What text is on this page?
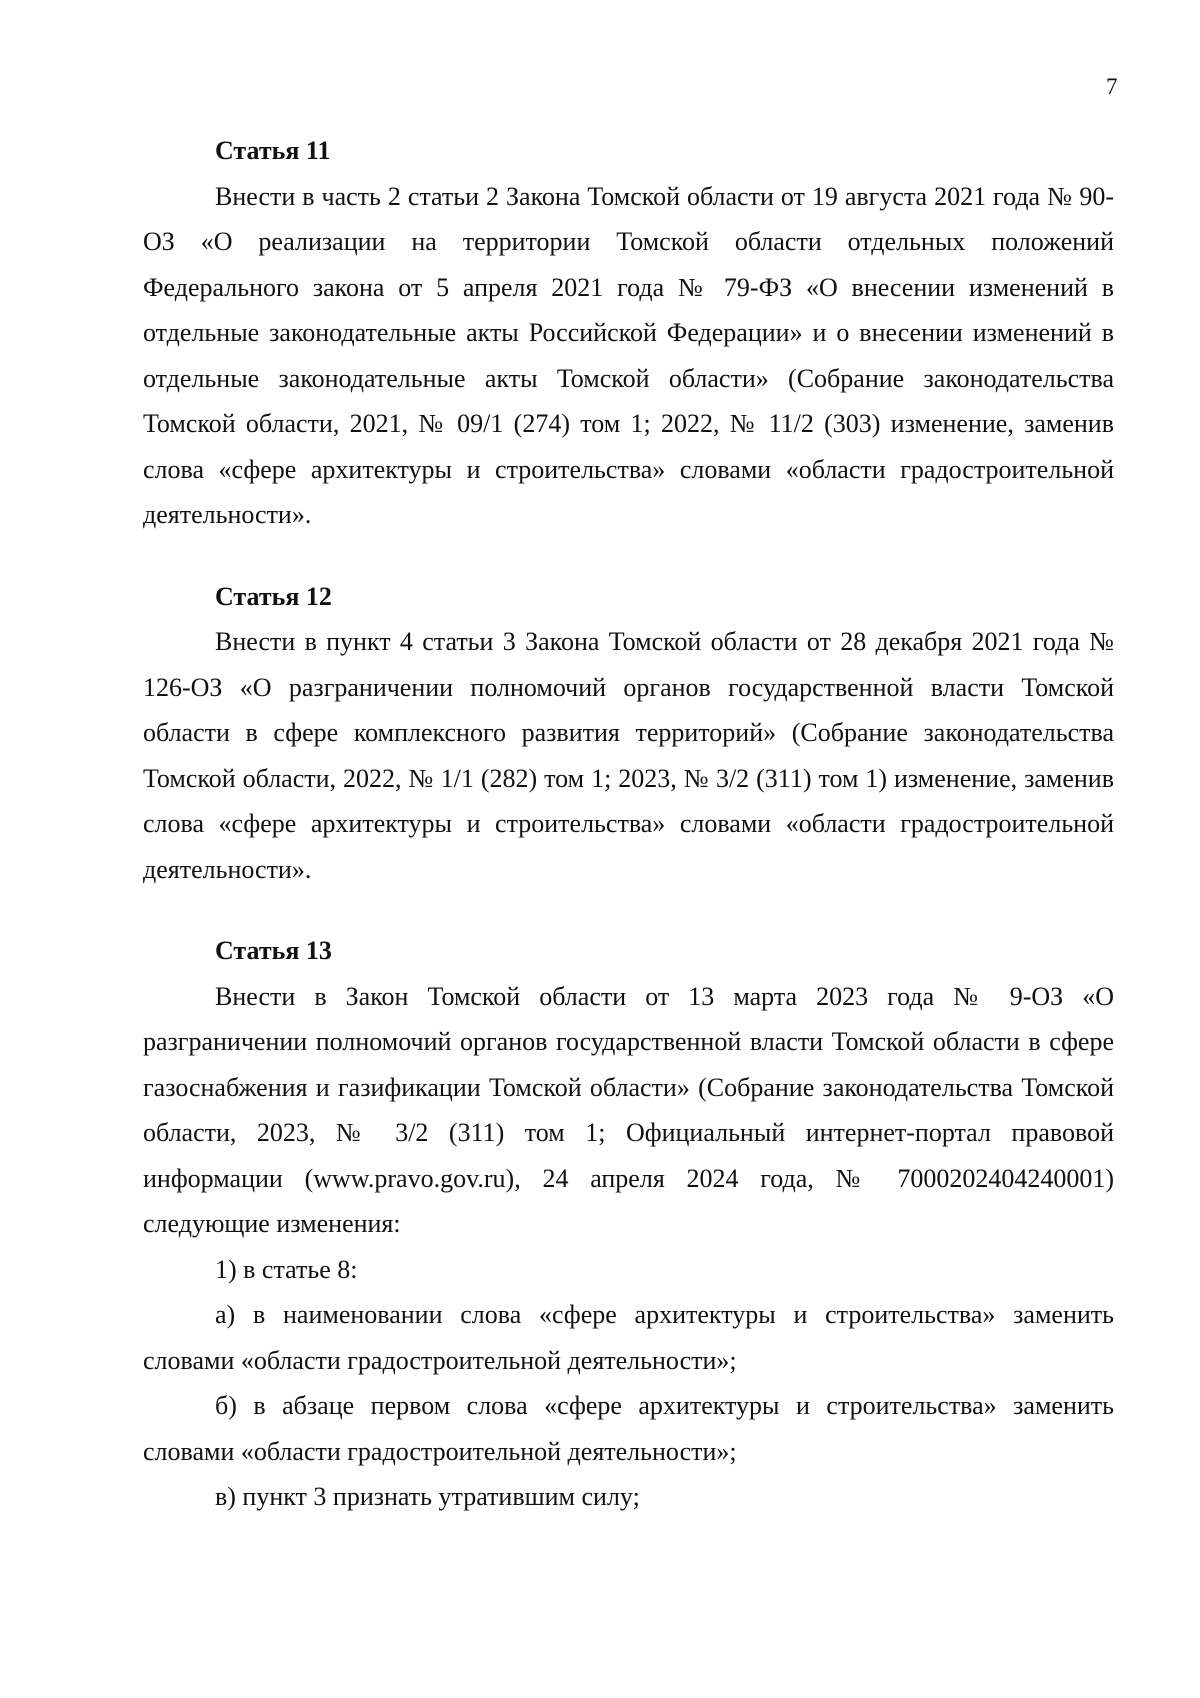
7

Статья 11

Внести в часть 2 статьи 2 Закона Томской области от 19 августа 2021 года № 90-ОЗ «О реализации на территории Томской области отдельных положений Федерального закона от 5 апреля 2021 года № 79-ФЗ «О внесении изменений в отдельные законодательные акты Российской Федерации» и о внесении изменений в отдельные законодательные акты Томской области» (Собрание законодательства Томской области, 2021, № 09/1 (274) том 1; 2022, № 11/2 (303) изменение, заменив слова «сфере архитектуры и строительства» словами «области градостроительной деятельности».

Статья 12

Внести в пункт 4 статьи 3 Закона Томской области от 28 декабря 2021 года № 126-ОЗ «О разграничении полномочий органов государственной власти Томской области в сфере комплексного развития территорий» (Собрание законодательства Томской области, 2022, № 1/1 (282) том 1; 2023, № 3/2 (311) том 1) изменение, заменив слова «сфере архитектуры и строительства» словами «области градостроительной деятельности».

Статья 13

Внести в Закон Томской области от 13 марта 2023 года № 9-ОЗ «О разграничении полномочий органов государственной власти Томской области в сфере газоснабжения и газификации Томской области» (Собрание законодательства Томской области, 2023, № 3/2 (311) том 1; Официальный интернет-портал правовой информации (www.pravo.gov.ru), 24 апреля 2024 года, № 7000202404240001) следующие изменения:

1) в статье 8:

а) в наименовании слова «сфере архитектуры и строительства» заменить словами «области градостроительной деятельности»;

б) в абзаце первом слова «сфере архитектуры и строительства» заменить словами «области градостроительной деятельности»;

в) пункт 3 признать утратившим силу;
